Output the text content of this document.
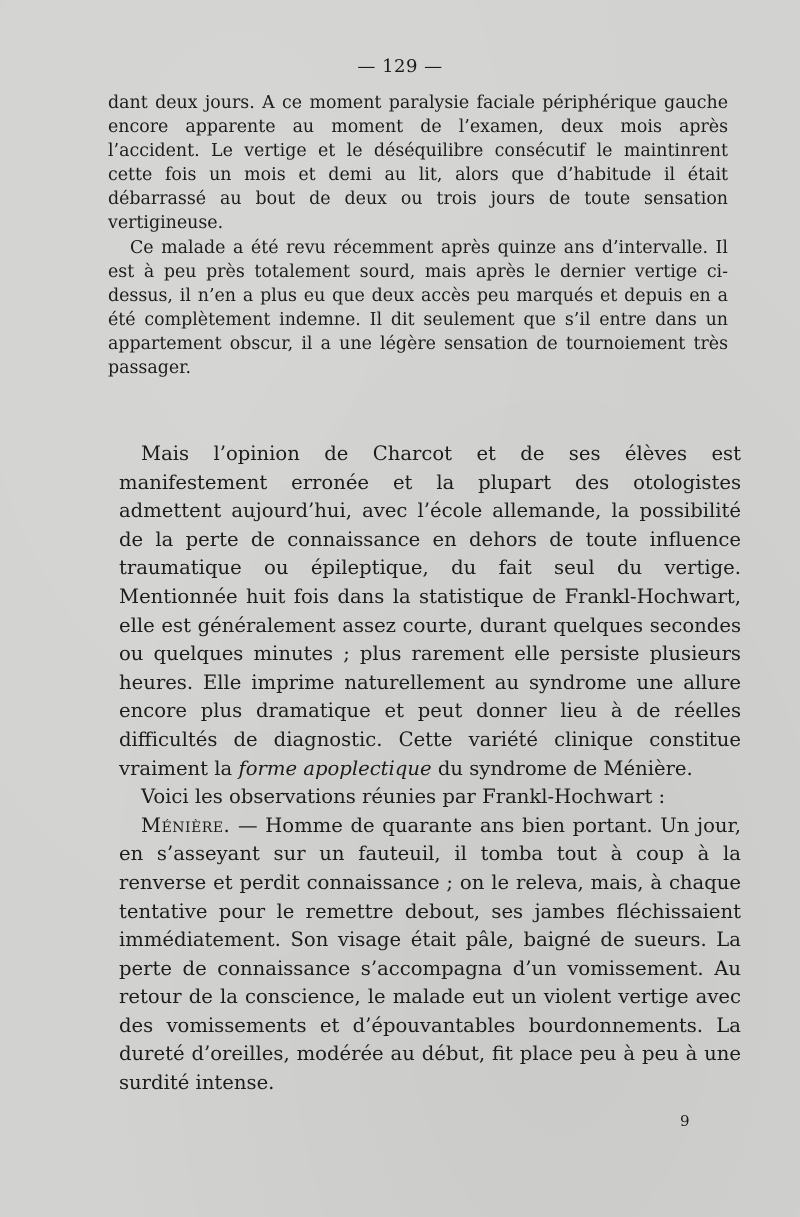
— 129 —

dant deux jours. A ce moment paralysie faciale périphérique gauche encore apparente au moment de l’examen, deux mois après l’accident. Le vertige et le déséquilibre consécutif le maintinrent cette fois un mois et demi au lit, alors que d’habitude il était débarrassé au bout de deux ou trois jours de toute sensation vertigineuse.

Ce malade a été revu récemment après quinze ans d’intervalle. Il est à peu près totalement sourd, mais après le dernier vertige ci-dessus, il n’en a plus eu que deux accès peu marqués et depuis en a été complètement indemne. Il dit seulement que s’il entre dans un appartement obscur, il a une légère sensation de tournoiement très passager.

Mais l’opinion de Charcot et de ses élèves est manifestement erronée et la plupart des otologistes admettent aujourd’hui, avec l’école allemande, la possibilité de la perte de connaissance en dehors de toute influence traumatique ou épileptique, du fait seul du vertige. Mentionnée huit fois dans la statistique de Frankl-Hochwart, elle est généralement assez courte, durant quelques secondes ou quelques minutes ; plus rarement elle persiste plusieurs heures. Elle imprime naturellement au syndrome une allure encore plus dramatique et peut donner lieu à de réelles difficultés de diagnostic. Cette variété clinique constitue vraiment la forme apoplectique du syndrome de Ménière.

Voici les observations réunies par Frankl-Hochwart :

Ménière. — Homme de quarante ans bien portant. Un jour, en s’asseyant sur un fauteuil, il tomba tout à coup à la renverse et perdit connaissance ; on le releva, mais, à chaque tentative pour le remettre debout, ses jambes fléchissaient immédiatement. Son visage était pâle, baigné de sueurs. La perte de connaissance s’accompagna d’un vomissement. Au retour de la conscience, le malade eut un violent vertige avec des vomissements et d’épouvantables bourdonnements. La dureté d’oreilles, modérée au début, fit place peu à peu à une surdité intense.

9
